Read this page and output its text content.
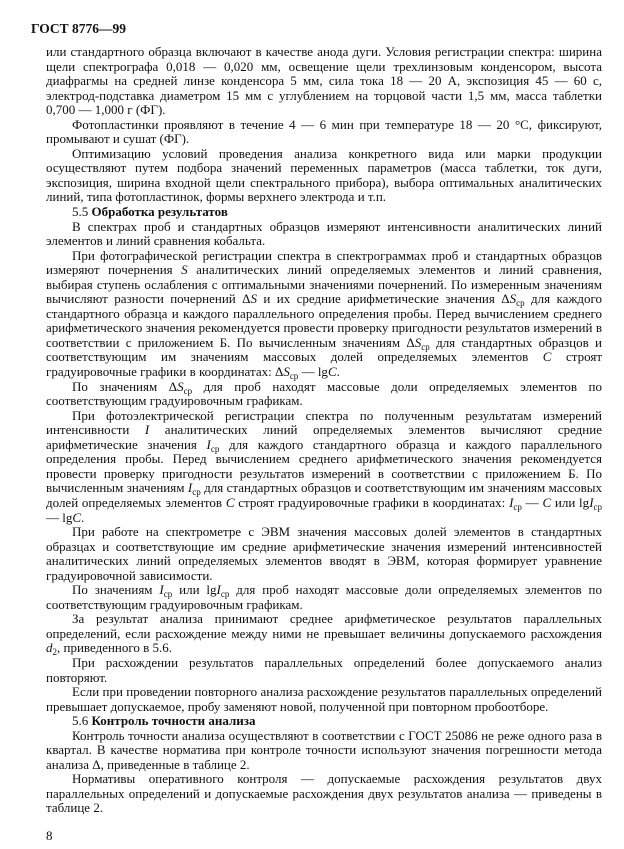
ГОСТ 8776—99

или стандартного образца включают в качестве анода дуги. Условия регистрации спектра: ширина щели спектрографа 0,018 — 0,020 мм, освещение щели трехлинзовым конденсором, высота диафрагмы на средней линзе конденсора 5 мм, сила тока 18 — 20 А, экспозиция 45 — 60 с, электрод-подставка диаметром 15 мм с углублением на торцовой части 1,5 мм, масса таблетки 0,700 — 1,000 г (ФГ).

Фотопластинки проявляют в течение 4 — 6 мин при температуре 18 — 20 °С, фиксируют, промывают и сушат (ФГ).

Оптимизацию условий проведения анализа конкретного вида или марки продукции осуществляют путем подбора значений переменных параметров (масса таблетки, ток дуги, экспозиция, ширина входной щели спектрального прибора), выбора оптимальных аналитических линий, типа фотопластинок, формы верхнего электрода и т.п.

5.5 Обработка результатов

В спектрах проб и стандартных образцов измеряют интенсивности аналитических линий элементов и линий сравнения кобальта.

При фотографической регистрации спектра в спектрограммах проб и стандартных образцов измеряют почернения S аналитических линий определяемых элементов и линий сравнения, выбирая ступень ослабления с оптимальными значениями почернений. По измеренным значениям вычисляют разности почернений ΔS и их средние арифметические значения $\Delta S_{ср}$ для каждого стандартного образца и каждого параллельного определения пробы. Перед вычислением среднего арифметического значения рекомендуется провести проверку пригодности результатов измерений в соответствии с приложением Б. По вычисленным значениям $\Delta S_{ср}$ для стандартных образцов и соответствующим им значениям массовых долей определяемых элементов C строят градуировочные графики в координатах: $\Delta S_{ср}$ — lgC.

По значениям $\Delta S_{ср}$ для проб находят массовые доли определяемых элементов по соответствующим градуировочным графикам.

При фотоэлектрической регистрации спектра по полученным результатам измерений интенсивности I аналитических линий определяемых элементов вычисляют средние арифметические значения $I_{ср}$ для каждого стандартного образца и каждого параллельного определения пробы. Перед вычислением среднего арифметического значения рекомендуется провести проверку пригодности результатов измерений в соответствии с приложением Б. По вычисленным значениям $I_{ср}$ для стандартных образцов и соответствующим им значениям массовых долей определяемых элементов C строят градуировочные графики в координатах: $I_{ср}$ — C или lgI$_{ср}$ — lgC.

При работе на спектрометре с ЭВМ значения массовых долей элементов в стандартных образцах и соответствующие им средние арифметические значения измерений интенсивностей аналитических линий определяемых элементов вводят в ЭВМ, которая формирует уравнение градуировочной зависимости.

По значениям $I_{ср}$ или lgI$_{ср}$ для проб находят массовые доли определяемых элементов по соответствующим градуировочным графикам.

За результат анализа принимают среднее арифметическое результатов параллельных определений, если расхождение между ними не превышает величины допускаемого расхождения $d_2$, приведенного в 5.6.

При расхождении результатов параллельных определений более допускаемого анализ повторяют.

Если при проведении повторного анализа расхождение результатов параллельных определений превышает допускаемое, пробу заменяют новой, полученной при повторном пробоотборе.

5.6 Контроль точности анализа

Контроль точности анализа осуществляют в соответствии с ГОСТ 25086 не реже одного раза в квартал. В качестве норматива при контроле точности используют значения погрешности метода анализа Δ, приведенные в таблице 2.

Нормативы оперативного контроля — допускаемые расхождения результатов двух параллельных определений и допускаемые расхождения двух результатов анализа — приведены в таблице 2.

8
